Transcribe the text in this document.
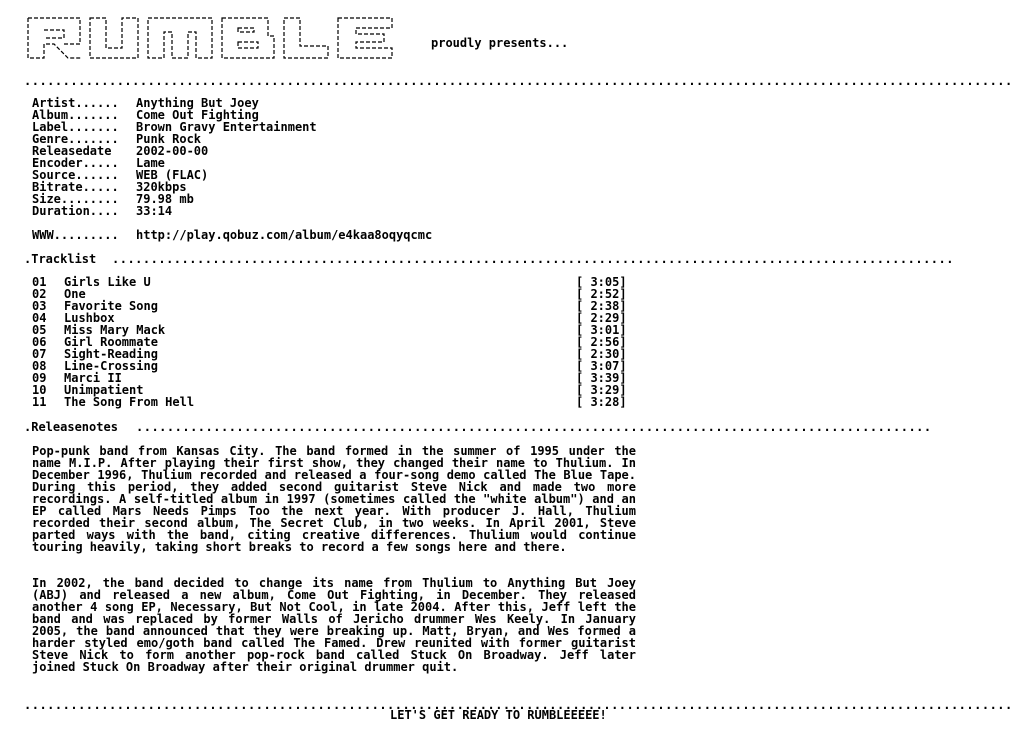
proudly presents...
................................................................................................................................
Artist......	Anything But Joey
Album.......	Come Out Fighting
Label.......	Brown Gravy Entertainment
Genre.......	Punk Rock
Releasedate	2002-00-00
Encoder.....	Lame
Source......	WEB (FLAC)
Bitrate.....	320kbps
Size........	79.98 mb
Duration....	33:14
WWW.........	http://play.qobuz.com/album/e4kaa8oqyqcmc
.Tracklist .............................................................................................................
01 Girls Like U	[ 3:05]
02 One	[ 2:52]
03 Favorite Song	[ 2:38]
04 Lushbox	[ 2:29]
05 Miss Mary Mack	[ 3:01]
06 Girl Roommate	[ 2:56]
07 Sight-Reading	[ 2:30]
08 Line-Crossing	[ 3:07]
09 Marci II	[ 3:39]
10 Unimpatient	[ 3:29]
11 The Song From Hell	[ 3:28]
.Releasenotes .......................................................................................................
Pop-punk band from Kansas City. The band formed in the summer of 1995 under the name M.I.P. After playing their first show, they changed their name to Thulium. In December 1996, Thulium recorded and released a four-song demo called The Blue Tape. During this period, they added second guitarist Steve Nick and made two more recordings. A self-titled album in 1997 (sometimes called the "white album") and an EP called Mars Needs Pimps Too the next year. With producer J. Hall, Thulium recorded their second album, The Secret Club, in two weeks. In April 2001, Steve parted ways with the band, citing creative differences. Thulium would continue touring heavily, taking short breaks to record a few songs here and there.
In 2002, the band decided to change its name from Thulium to Anything But Joey (ABJ) and released a new album, Come Out Fighting, in December. They released another 4 song EP, Necessary, But Not Cool, in late 2004. After this, Jeff left the band and was replaced by former Walls of Jericho drummer Wes Keely. In January 2005, the band announced that they were breaking up. Matt, Bryan, and Wes formed a harder styled emo/goth band called The Famed. Drew reunited with former guitarist Steve Nick to form another pop-rock band called Stuck On Broadway. Jeff later joined Stuck On Broadway after their original drummer quit.
................................................................................................................................
LET'S GET READY TO RUMBLEEEEE!
